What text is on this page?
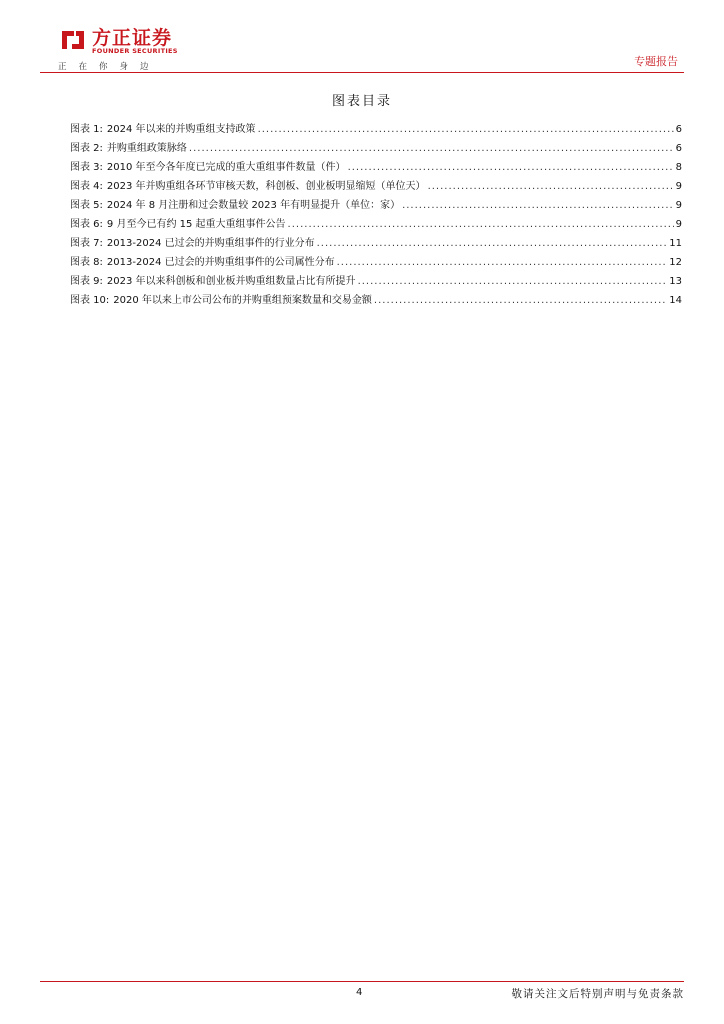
方正证券
FOUNDER SECURITIES
正在你身边	专题报告
图表目录
图表 1: 2024 年以来的并购重组支持政策 .....	6
图表 2: 并购重组政策脉络 .....	6
图表 3: 2010 年至今各年度已完成的重大重组事件数量（件） .....	8
图表 4: 2023 年并购重组各环节审核天数，科创板、创业板明显缩短（单位天） .....	9
图表 5: 2024 年 8 月注册和过会数量较 2023 年有明显提升（单位：家） .....	9
图表 6: 9 月至今已有约 15 起重大重组事件公告 .....	9
图表 7: 2013-2024 已过会的并购重组事件的行业分布 .....	11
图表 8: 2013-2024 已过会的并购重组事件的公司属性分布 .....	12
图表 9: 2023 年以来科创板和创业板并购重组数量占比有所提升 .....	13
图表 10: 2020 年以来上市公司公布的并购重组预案数量和交易金额 .....	14
4	敬请关注文后特别声明与免责条款
